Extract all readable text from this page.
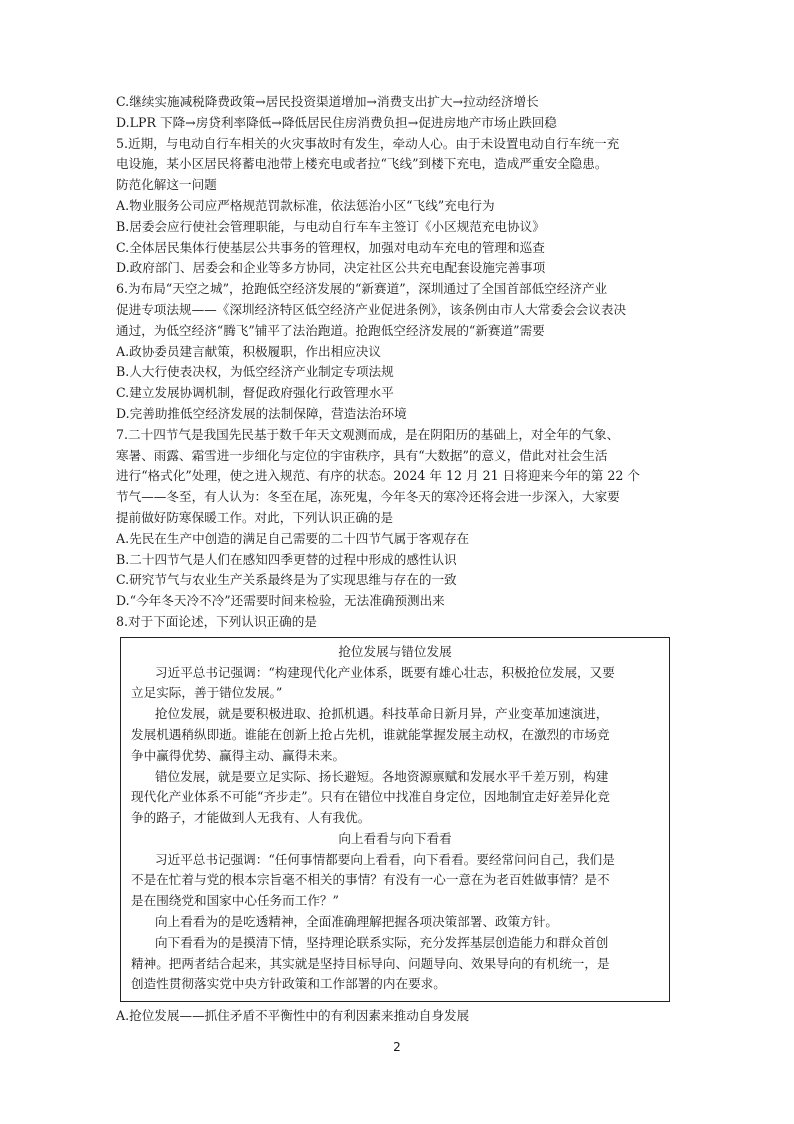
C.继续实施减税降费政策→居民投资渠道增加→消费支出扩大→拉动经济增长
D.LPR 下降→房贷利率降低→降低居民住房消费负担→促进房地产市场止跌回稳
5.近期，与电动自行车相关的火灾事故时有发生，牵动人心。由于未设置电动自行车统一充
电设施，某小区居民将蓄电池带上楼充电或者拉“飞线”到楼下充电，造成严重安全隐患。
防范化解这一问题
A.物业服务公司应严格规范罚款标准，依法惩治小区“飞线”充电行为
B.居委会应行使社会管理职能，与电动自行车车主签订《小区规范充电协议》
C.全体居民集体行使基层公共事务的管理权，加强对电动车充电的管理和巡查
D.政府部门、居委会和企业等多方协同，决定社区公共充电配套设施完善事项
6.为布局“天空之城”，抢跑低空经济发展的“新赛道”，深圳通过了全国首部低空经济产业
促进专项法规——《深圳经济特区低空经济产业促进条例》，该条例由市人大常委会会议表决
通过，为低空经济“腾飞”铺平了法治跑道。抢跑低空经济发展的“新赛道”需要
A.政协委员建言献策，积极履职，作出相应决议
B.人大行使表决权，为低空经济产业制定专项法规
C.建立发展协调机制，督促政府强化行政管理水平
D.完善助推低空经济发展的法制保障，营造法治环境
7.二十四节气是我国先民基于数千年天文观测而成，是在阴阳历的基础上，对全年的气象、
寒暑、雨露、霜雪进一步细化与定位的宇宙秩序，具有“大数据”的意义，借此对社会生活
进行“格式化”处理，使之进入规范、有序的状态。2024 年 12 月 21 日将迎来今年的第 22 个
节气——冬至，有人认为：冬至在尾，冻死鬼，今年冬天的寒冷还将会进一步深入，大家要
提前做好防寒保暖工作。对此，下列认识正确的是
A.先民在生产中创造的满足自己需要的二十四节气属于客观存在
B.二十四节气是人们在感知四季更替的过程中形成的感性认识
C.研究节气与农业生产关系最终是为了实现思维与存在的一致
D.“今年冬天冷不冷”还需要时间来检验，无法准确预测出来
8.对于下面论述，下列认识正确的是
抢位发展与错位发展
习近平总书记强调：“构建现代化产业体系，既要有雄心壮志，积极抢位发展，又要
立足实际，善于错位发展。”
抢位发展，就是要积极进取、抢抓机遇。科技革命日新月异，产业变革加速演进，
发展机遇稍纵即逝。谁能在创新上抢占先机，谁就能掌握发展主动权，在激烈的市场竞
争中赢得优势、赢得主动、赢得未来。
错位发展，就是要立足实际、扬长避短。各地资源禀赋和发展水平千差万别，构建
现代化产业体系不可能“齐步走”。只有在错位中找准自身定位，因地制宜走好差异化竞
争的路子，才能做到人无我有、人有我优。
向上看看与向下看看
习近平总书记强调：“任何事情都要向上看看，向下看看。要经常问问自己，我们是
不是在忙着与党的根本宗旨毫不相关的事情？有没有一心一意在为老百姓做事情？是不
是在围绕党和国家中心任务而工作？”
向上看看为的是吃透精神，全面准确理解把握各项决策部署、政策方针。
向下看看为的是摸清下情，坚持理论联系实际，充分发挥基层创造能力和群众首创
精神。把两者结合起来，其实就是坚持目标导向、问题导向、效果导向的有机统一，是
创造性贯彻落实党中央方针政策和工作部署的内在要求。
A.抢位发展——抓住矛盾不平衡性中的有利因素来推动自身发展
2
